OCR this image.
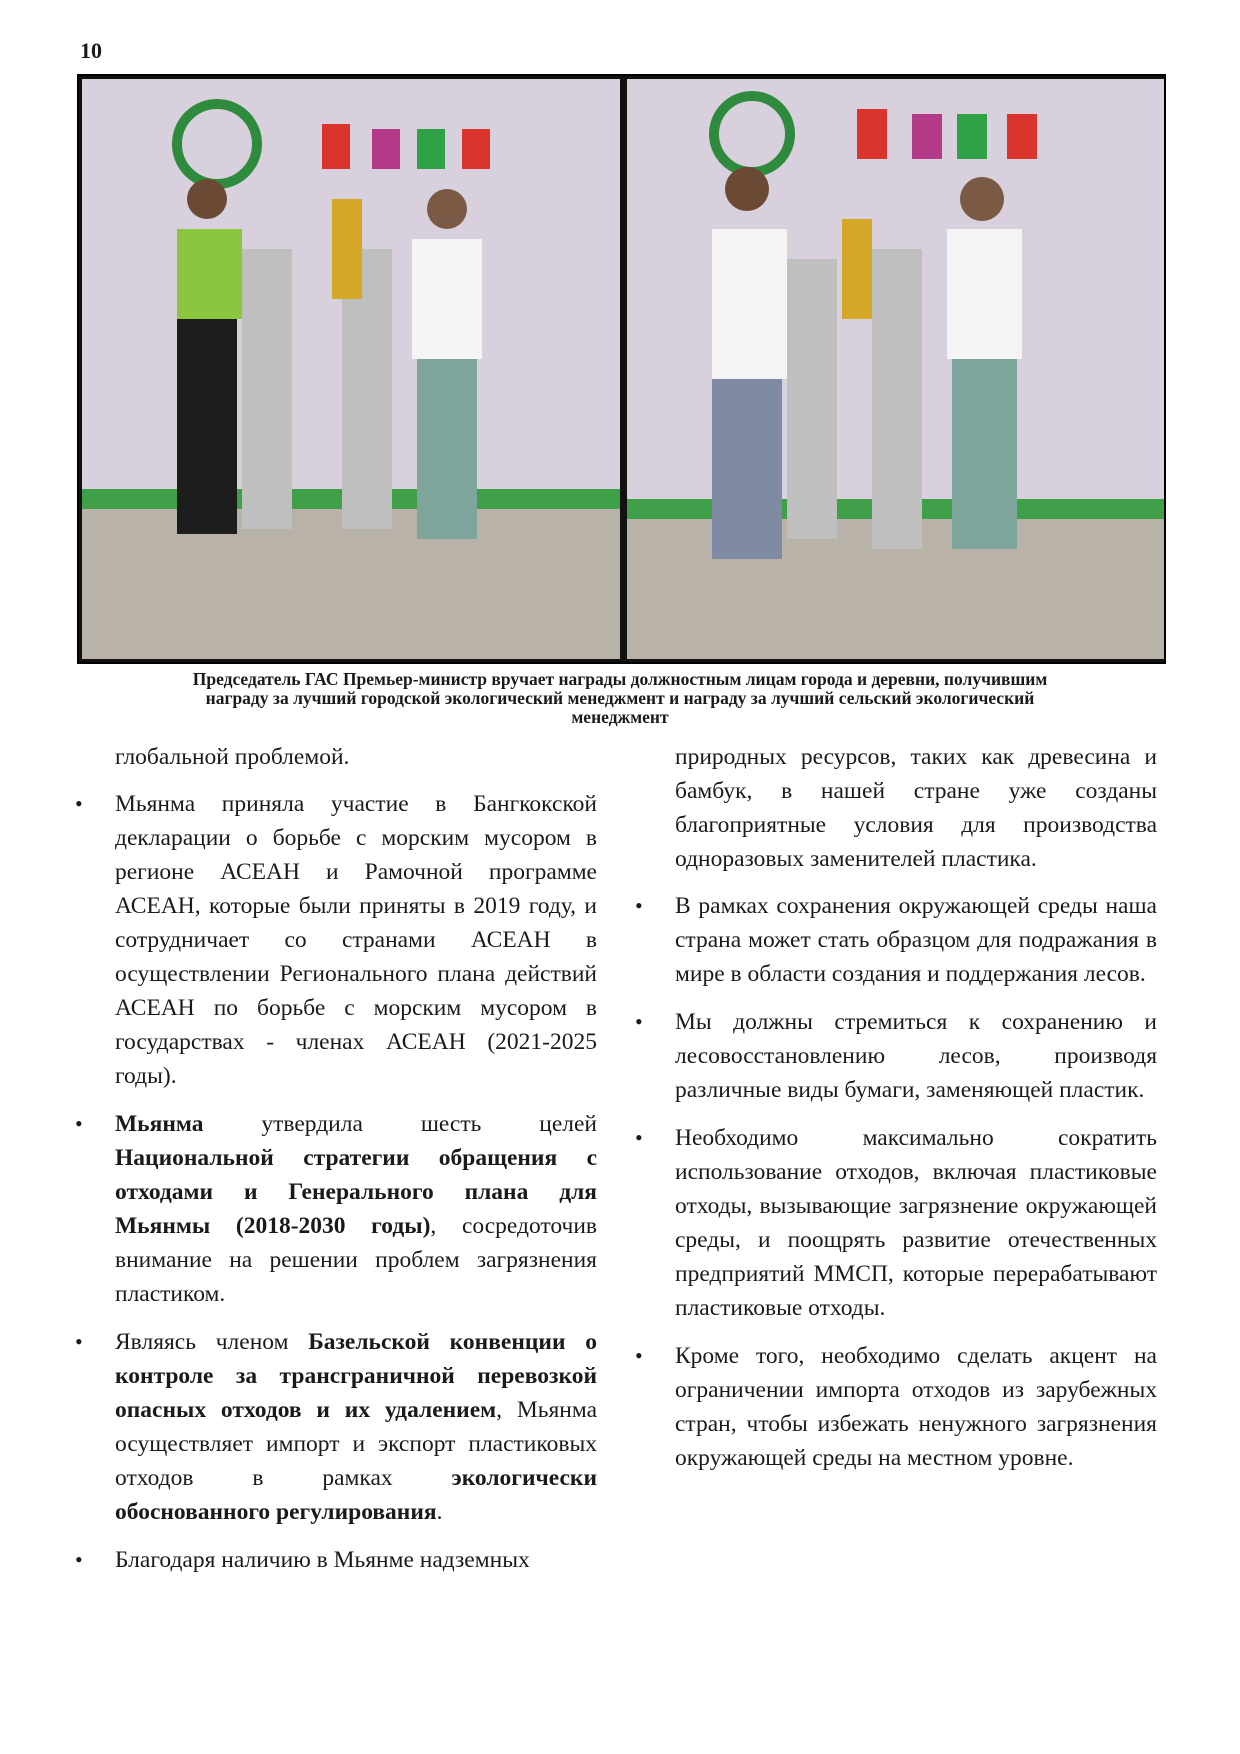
10
Председатель ГАС Премьер-министр вручает награды должностным лицам города и деревни, получившим
награду за лучший городской экологический менеджмент и награду за лучший сельский экологический
менеджмент

глобальной проблемой.

• Мьянма приняла участие в Бангкокской декларации о борьбе с морским мусором в регионе АСЕАН и Рамочной программе АСЕАН, которые были приняты в 2019 году, и сотрудничает со странами АСЕАН в осуществлении Регионального плана действий АСЕАН по борьбе с морским мусором в государствах - членах АСЕАН (2021-2025 годы).

• Мьянма утвердила шесть целей Национальной стратегии обращения с отходами и Генерального плана для Мьянмы (2018-2030 годы), сосредоточив внимание на решении проблем загрязнения пластиком.

• Являясь членом Базельской конвенции о контроле за трансграничной перевозкой опасных отходов и их удалением, Мьянма осуществляет импорт и экспорт пластиковых отходов в рамках экологически обоснованного регулирования.

• Благодаря наличию в Мьянме надземных

природных ресурсов, таких как древесина и бамбук, в нашей стране уже созданы благоприятные условия для производства одноразовых заменителей пластика.

• В рамках сохранения окружающей среды наша страна может стать образцом для подражания в мире в области создания и поддержания лесов.

• Мы должны стремиться к сохранению и лесовосстановлению лесов, производя различные виды бумаги, заменяющей пластик.

• Необходимо максимально сократить использование отходов, включая пластиковые отходы, вызывающие загрязнение окружающей среды, и поощрять развитие отечественных предприятий ММСП, которые перерабатывают пластиковые отходы.

• Кроме того, необходимо сделать акцент на ограничении импорта отходов из зарубежных стран, чтобы избежать ненужного загрязнения окружающей среды на местном уровне.
